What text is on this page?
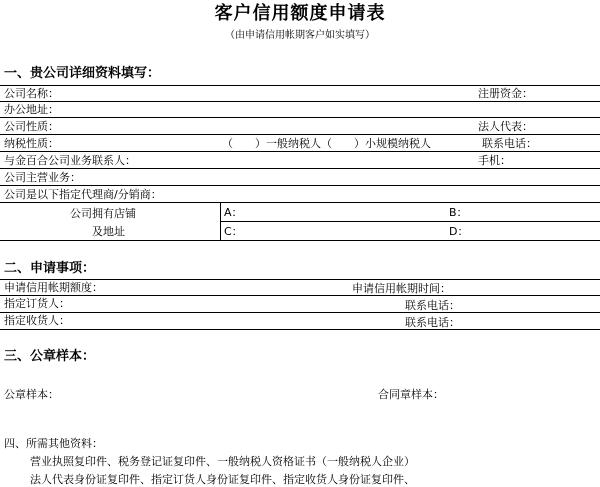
客户信用额度申请表
（由申请信用帐期客户如实填写）
一、贵公司详细资料填写：
公司名称：	注册资金：
办公地址：
公司性质：	法人代表：
纳税性质：	（　　）一般纳税人（　　）小规模纳税人	联系电话：
与金百合公司业务联系人：	手机：
公司主营业务：
公司是以下指定代理商/分销商：
公司拥有店铺
及地址
A：	B：
C：	D：
二、申请事项：
申请信用帐期额度：	申请信用帐期时间：
指定订货人：	联系电话：
指定收货人：	联系电话：
三、公章样本：
公章样本：	合同章样本：
四、所需其他资料：
营业执照复印件、税务登记证复印件、一般纳税人资格证书（一般纳税人企业）
法人代表身份证复印件、指定订货人身份证复印件、指定收货人身份证复印件、
